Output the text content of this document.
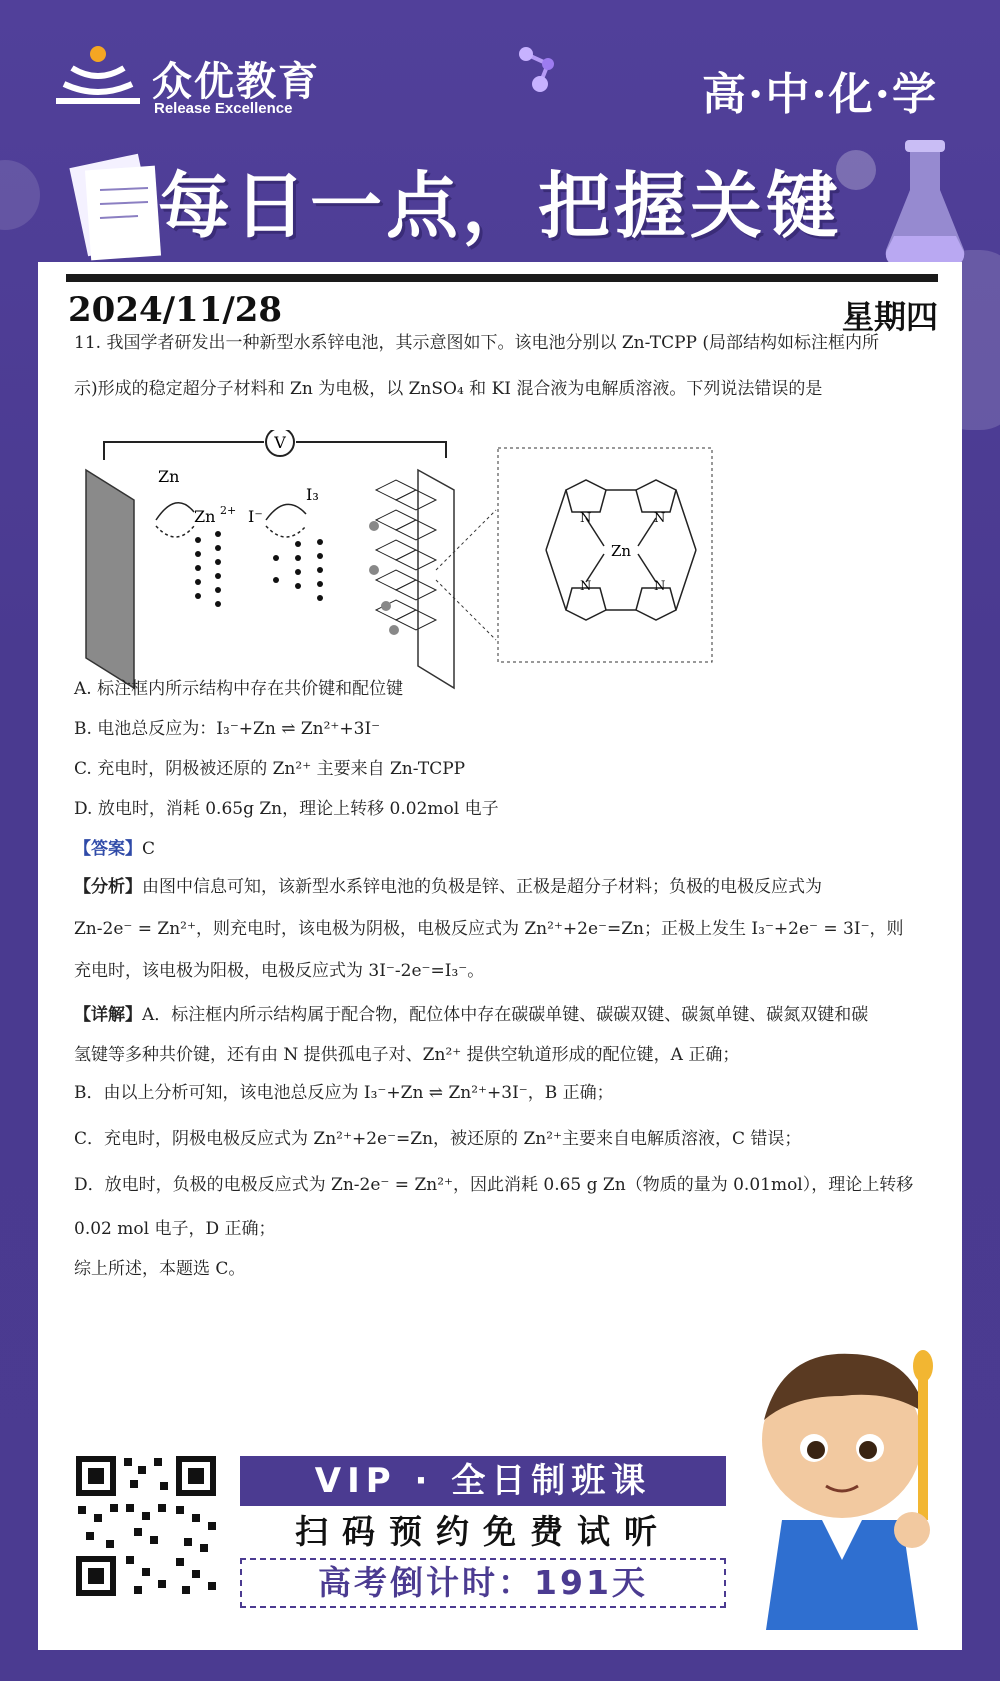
众优教育
Release Excellence	高·中·化·学
每日一点，把握关键
2024/11/28	星期四
11. 我国学者研发出一种新型水系锌电池，其示意图如下。该电池分别以 Zn-TCPP (局部结构如标注框内所
示)形成的稳定超分子材料和 Zn 为电极，以 ZnSO₄ 和 KI 混合液为电解质溶液。下列说法错误的是
V
Zn
Zn 2+ I⁻
I₃
Zn
N	N
N	N
A. 标注框内所示结构中存在共价键和配位键
B. 电池总反应为：I₃⁻+Zn ⇌ Zn²⁺+3I⁻
C. 充电时，阴极被还原的 Zn²⁺ 主要来自 Zn-TCPP
D. 放电时，消耗 0.65g Zn，理论上转移 0.02mol 电子
【答案】C
【分析】由图中信息可知，该新型水系锌电池的负极是锌、正极是超分子材料；负极的电极反应式为
Zn-2e⁻ = Zn²⁺，则充电时，该电极为阴极，电极反应式为 Zn²⁺+2e⁻=Zn；正极上发生 I₃⁻+2e⁻ = 3I⁻，则
充电时，该电极为阳极，电极反应式为 3I⁻-2e⁻=I₃⁻。
【详解】A．标注框内所示结构属于配合物，配位体中存在碳碳单键、碳碳双键、碳氮单键、碳氮双键和碳
氢键等多种共价键，还有由 N 提供孤电子对、Zn²⁺ 提供空轨道形成的配位键，A 正确；
B．由以上分析可知，该电池总反应为 I₃⁻+Zn ⇌ Zn²⁺+3I⁻，B 正确；
C．充电时，阴极电极反应式为 Zn²⁺+2e⁻=Zn，被还原的 Zn²⁺主要来自电解质溶液，C 错误；
D．放电时，负极的电极反应式为 Zn-2e⁻ = Zn²⁺，因此消耗 0.65 g Zn（物质的量为 0.01mol），理论上转移
0.02 mol 电子，D 正确；
综上所述，本题选 C。
VIP · 全日制班课
扫码预约免费试听
高考倒计时：191天
